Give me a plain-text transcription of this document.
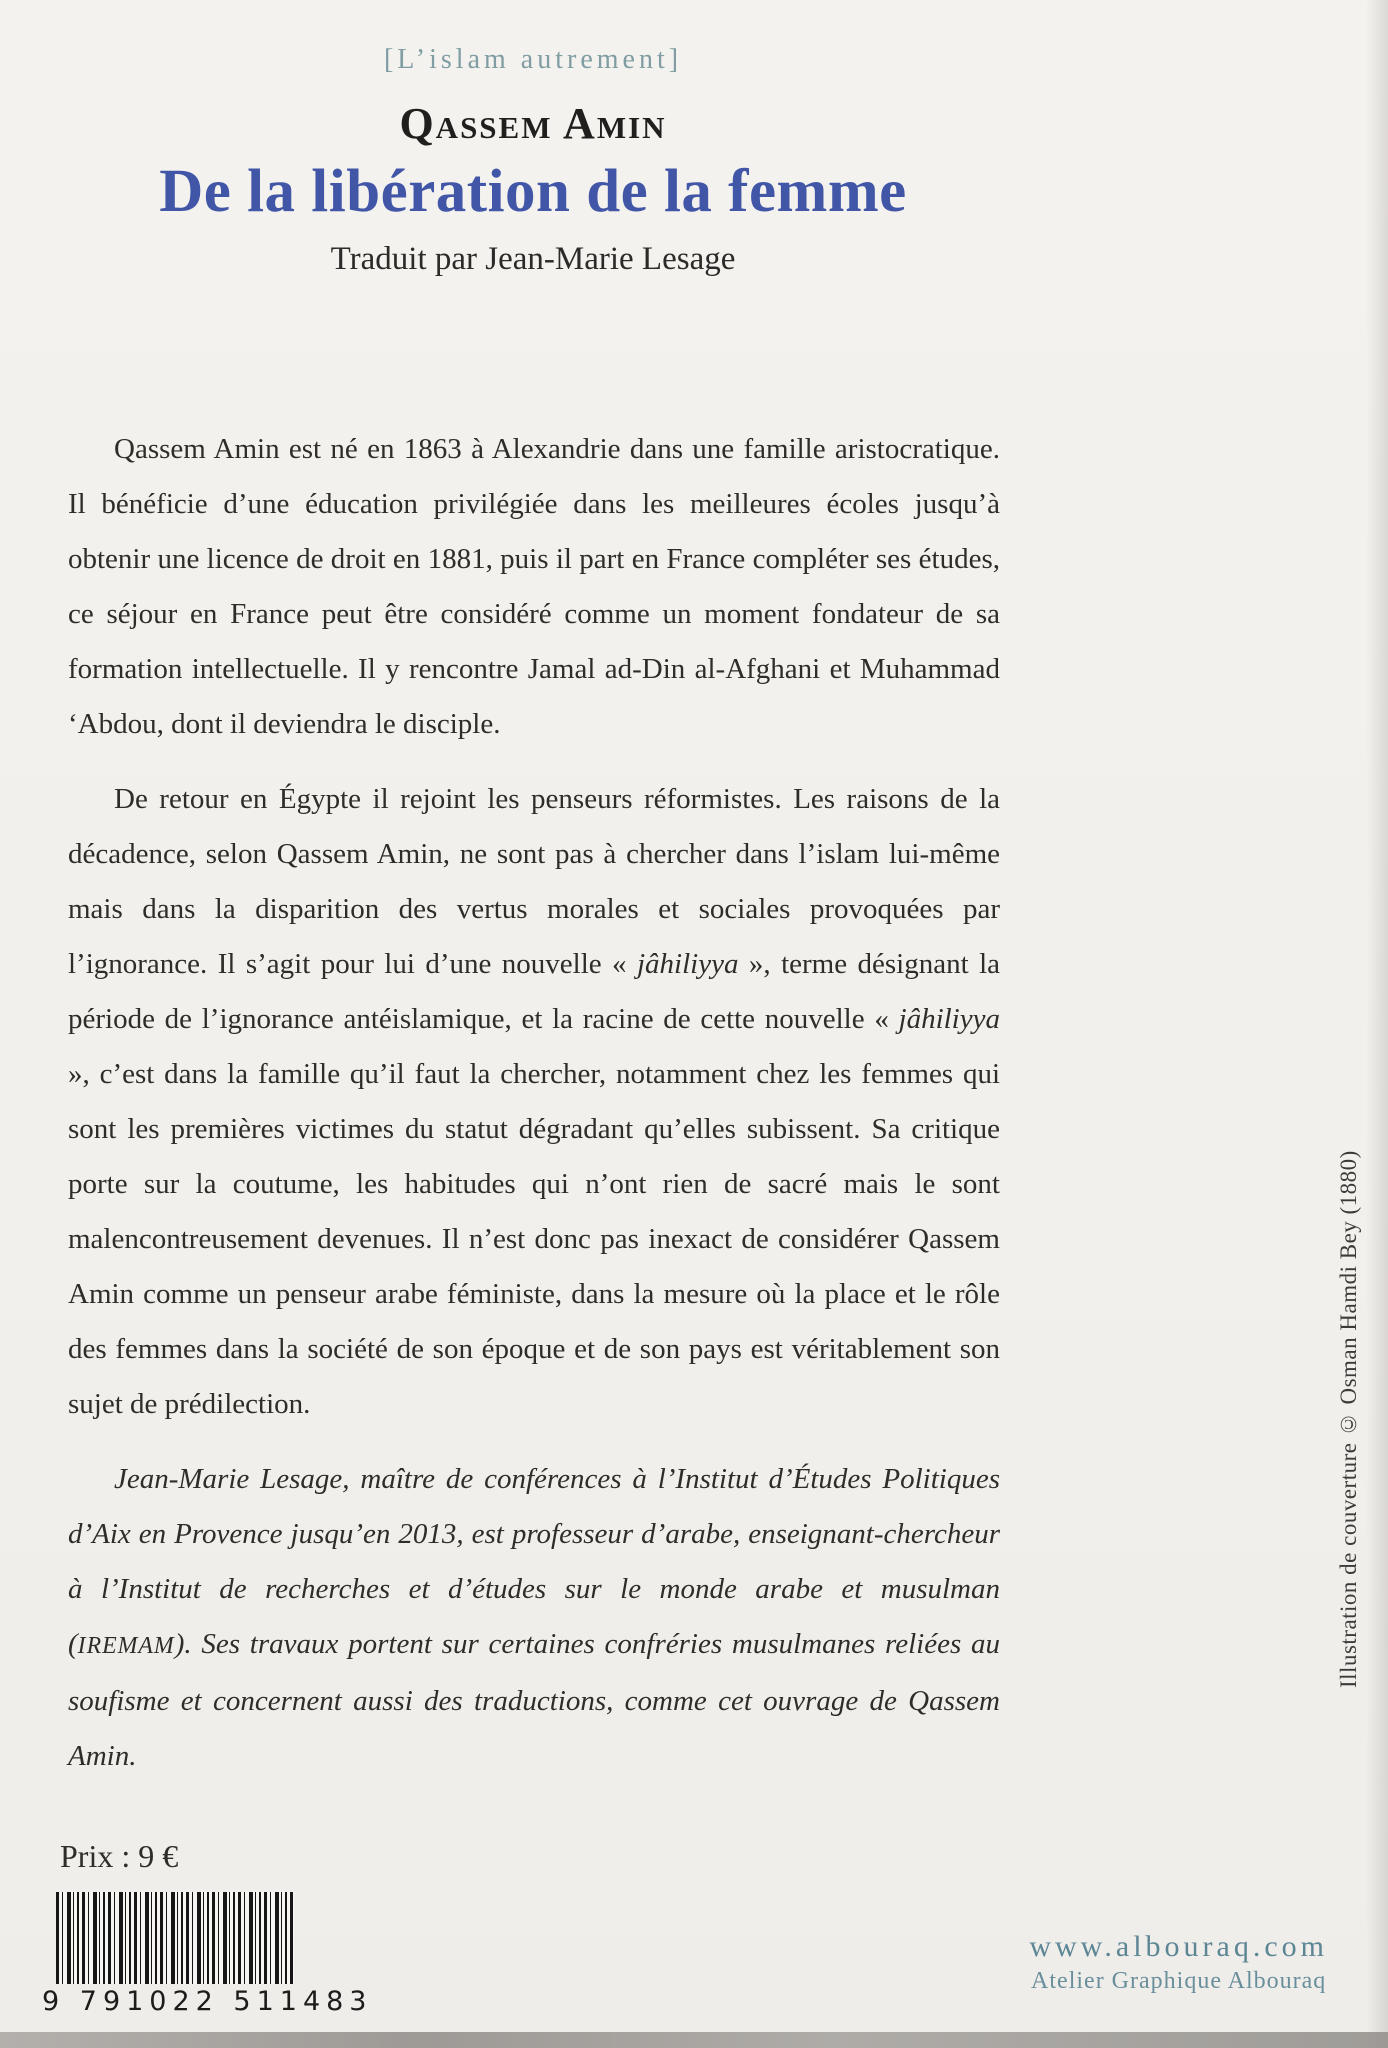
[L’islam autrement]
Qassem Amin
De la libération de la femme
Traduit par Jean-Marie Lesage

Qassem Amin est né en 1863 à Alexandrie dans une famille aristocratique. Il bénéficie d’une éducation privilégiée dans les meilleures écoles jusqu’à obtenir une licence de droit en 1881, puis il part en France compléter ses études, ce séjour en France peut être considéré comme un moment fondateur de sa formation intellectuelle. Il y rencontre Jamal ad-Din al-Afghani et Muhammad ‘Abdou, dont il deviendra le disciple.

De retour en Égypte il rejoint les penseurs réformistes. Les raisons de la décadence, selon Qassem Amin, ne sont pas à chercher dans l’islam lui-même mais dans la disparition des vertus morales et sociales provoquées par l’ignorance. Il s’agit pour lui d’une nouvelle « jâhiliyya », terme désignant la période de l’ignorance antéislamique, et la racine de cette nouvelle « jâhiliyya », c’est dans la famille qu’il faut la chercher, notamment chez les femmes qui sont les premières victimes du statut dégradant qu’elles subissent. Sa critique porte sur la coutume, les habitudes qui n’ont rien de sacré mais le sont malencontreusement devenues. Il n’est donc pas inexact de considérer Qassem Amin comme un penseur arabe féministe, dans la mesure où la place et le rôle des femmes dans la société de son époque et de son pays est véritablement son sujet de prédilection.

Jean-Marie Lesage, maître de conférences à l’Institut d’Études Politiques d’Aix en Provence jusqu’en 2013, est professeur d’arabe, enseignant-chercheur à l’Institut de recherches et d’études sur le monde arabe et musulman (IREMAM). Ses travaux portent sur certaines confréries musulmanes reliées au soufisme et concernent aussi des traductions, comme cet ouvrage de Qassem Amin.

Illustration de couverture © Osman Hamdi Bey (1880)
Prix : 9 €
9 791022 511483
www.albouraq.com
Atelier Graphique Albouraq
